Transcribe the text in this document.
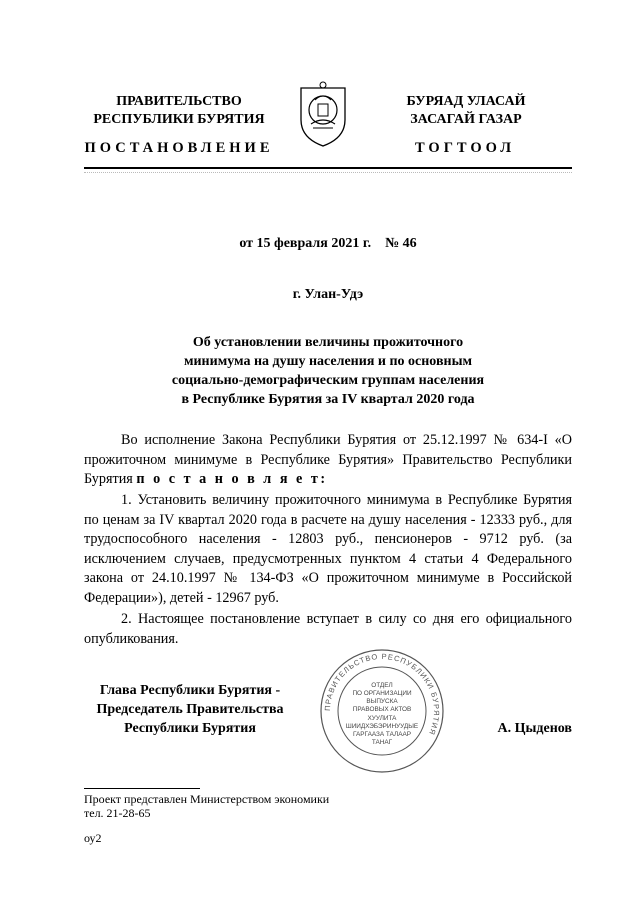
ПРАВИТЕЛЬСТВО
РЕСПУБЛИКИ БУРЯТИЯ
БУРЯАД УЛАСАЙ
ЗАСАГАЙ ГАЗАР
ПОСТАНОВЛЕНИЕ	ТОГТООЛ
от 15 февраля 2021 г.    № 46
г. Улан-Удэ
Об установлении величины прожиточного
минимума на душу населения и по основным
социально-демографическим группам населения
в Республике Бурятия за IV квартал 2020 года
Во исполнение Закона Республики Бурятия от 25.12.1997 № 634-I «О прожиточном минимуме в Республике Бурятия» Правительство Республики Бурятия п о с т а н о в л я е т:
1. Установить величину прожиточного минимума в Республике Бурятия по ценам за IV квартал 2020 года в расчете на душу населения - 12333 руб., для трудоспособного населения - 12803 руб., пенсионеров - 9712 руб. (за исключением случаев, предусмотренных пунктом 4 статьи 4 Федерального закона от 24.10.1997 № 134-ФЗ «О прожиточном минимуме в Российской Федерации»), детей - 12967 руб.
2. Настоящее постановление вступает в силу со дня его официального опубликования.
Глава Республики Бурятия -
Председатель Правительства
Республики Бурятия
ПРАВИТЕЛЬСТВО РЕСПУБЛИКИ БУРЯТИЯ
ОТДЕЛ
ПО ОРГАНИЗАЦИИ
ВЫПУСКА
ПРАВОВЫХ АКТОВ
ХУУЛИТА
ШИИДХЭБЭРИНУУДЫЕ
ГАРГААЗА ТАЛААР
ТАНАГ
А. Цыденов
Проект представлен Министерством экономики
тел. 21-28-65
оу2
